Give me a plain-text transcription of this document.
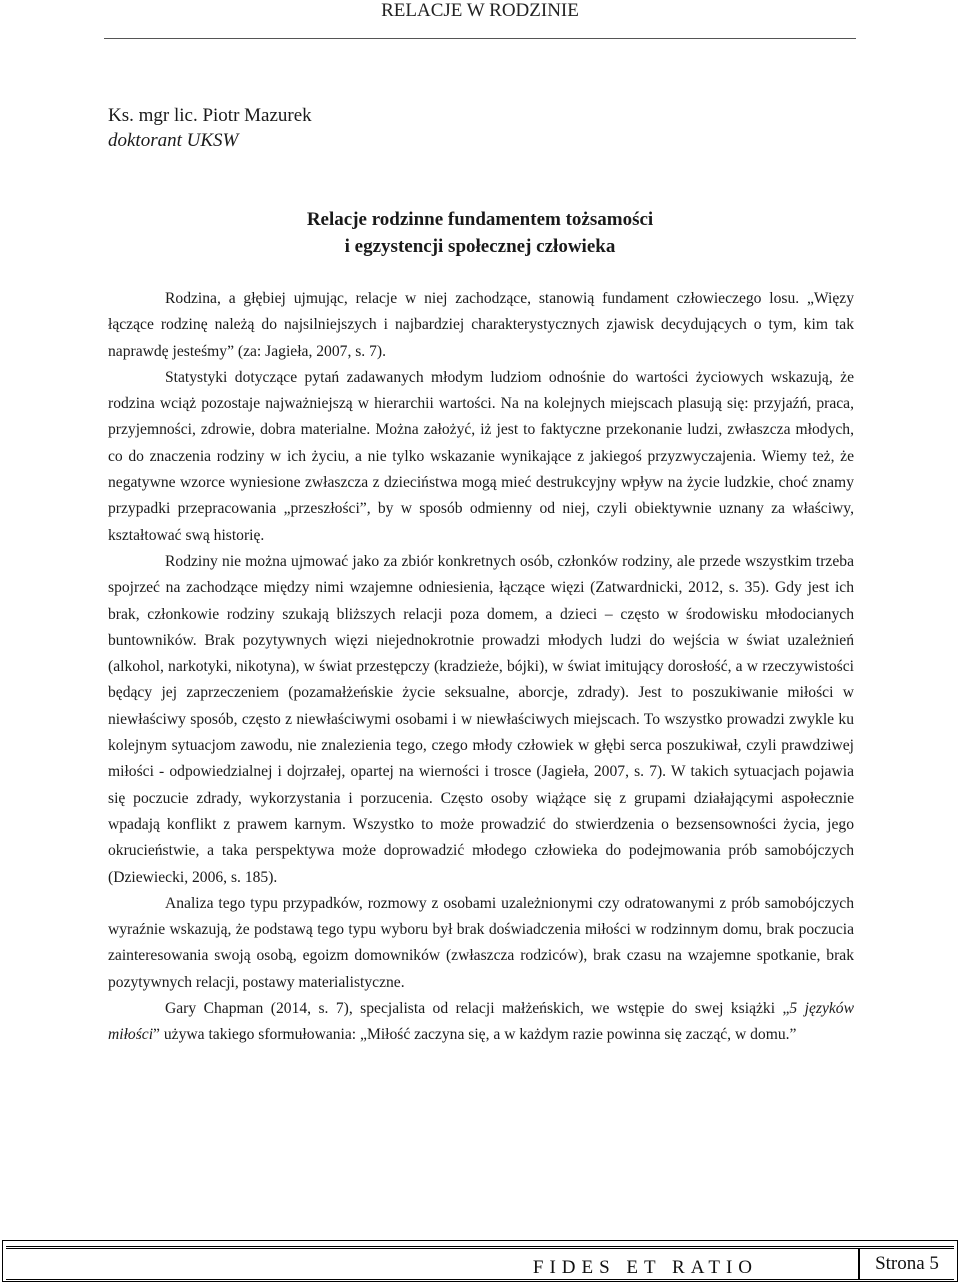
RELACJE W RODZINIE
Ks. mgr lic. Piotr Mazurek
doktorant UKSW
Relacje rodzinne fundamentem tożsamości
i egzystencji społecznej człowieka

Rodzina, a głębiej ujmując, relacje w niej zachodzące, stanowią fundament człowieczego losu. „Więzy łączące rodzinę należą do najsilniejszych i najbardziej charakterystycznych zjawisk decydujących o tym, kim tak naprawdę jesteśmy” (za: Jagieła, 2007, s. 7).

Statystyki dotyczące pytań zadawanych młodym ludziom odnośnie do wartości życiowych wskazują, że rodzina wciąż pozostaje najważniejszą w hierarchii wartości. Na na kolejnych miejscach plasują się: przyjaźń, praca, przyjemności, zdrowie, dobra materialne. Można założyć, iż jest to faktyczne przekonanie ludzi, zwłaszcza młodych, co do znaczenia rodziny w ich życiu, a nie tylko wskazanie wynikające z jakiegoś przyzwyczajenia. Wiemy też, że negatywne wzorce wyniesione zwłaszcza z dzieciństwa mogą mieć destrukcyjny wpływ na życie ludzkie, choć znamy przypadki przepracowania „przeszłości”, by w sposób odmienny od niej, czyli obiektywnie uznany za właściwy, kształtować swą historię.

Rodziny nie można ujmować jako za zbiór konkretnych osób, członków rodziny, ale przede wszystkim trzeba spojrzeć na zachodzące między nimi wzajemne odniesienia, łączące więzi (Zatwardnicki, 2012, s. 35). Gdy jest ich brak, członkowie rodziny szukają bliższych relacji poza domem, a dzieci – często w środowisku młodocianych buntowników. Brak pozytywnych więzi niejednokrotnie prowadzi młodych ludzi do wejścia w świat uzależnień (alkohol, narkotyki, nikotyna), w świat przestępczy (kradzieże, bójki), w świat imitujący dorosłość, a w rzeczywistości będący jej zaprzeczeniem (pozamałżeńskie życie seksualne, aborcje, zdrady). Jest to poszukiwanie miłości w niewłaściwy sposób, często z niewłaściwymi osobami i w niewłaściwych miejscach. To wszystko prowadzi zwykle ku kolejnym sytuacjom zawodu, nie znalezienia tego, czego młody człowiek w głębi serca poszukiwał, czyli prawdziwej miłości - odpowiedzialnej i dojrzałej, opartej na wierności i trosce (Jagieła, 2007, s. 7). W takich sytuacjach pojawia się poczucie zdrady, wykorzystania i porzucenia. Często osoby wiążące się z grupami działającymi aspołecznie wpadają konflikt z prawem karnym. Wszystko to może prowadzić do stwierdzenia o bezsensowności życia, jego okrucieństwie, a taka perspektywa może doprowadzić młodego człowieka do podejmowania prób samobójczych (Dziewiecki, 2006, s. 185).

Analiza tego typu przypadków, rozmowy z osobami uzależnionymi czy odratowanymi z prób samobójczych wyraźnie wskazują, że podstawą tego typu wyboru był brak doświadczenia miłości w rodzinnym domu, brak poczucia zainteresowania swoją osobą, egoizm domowników (zwłaszcza rodziców), brak czasu na wzajemne spotkanie, brak pozytywnych relacji, postawy materialistyczne.

Gary Chapman (2014, s. 7), specjalista od relacji małżeńskich, we wstępie do swej książki „5 języków miłości” używa takiego sformułowania: „Miłość zaczyna się, a w każdym razie powinna się zacząć, w domu.”

FIDES ET RATIO	Strona 5
